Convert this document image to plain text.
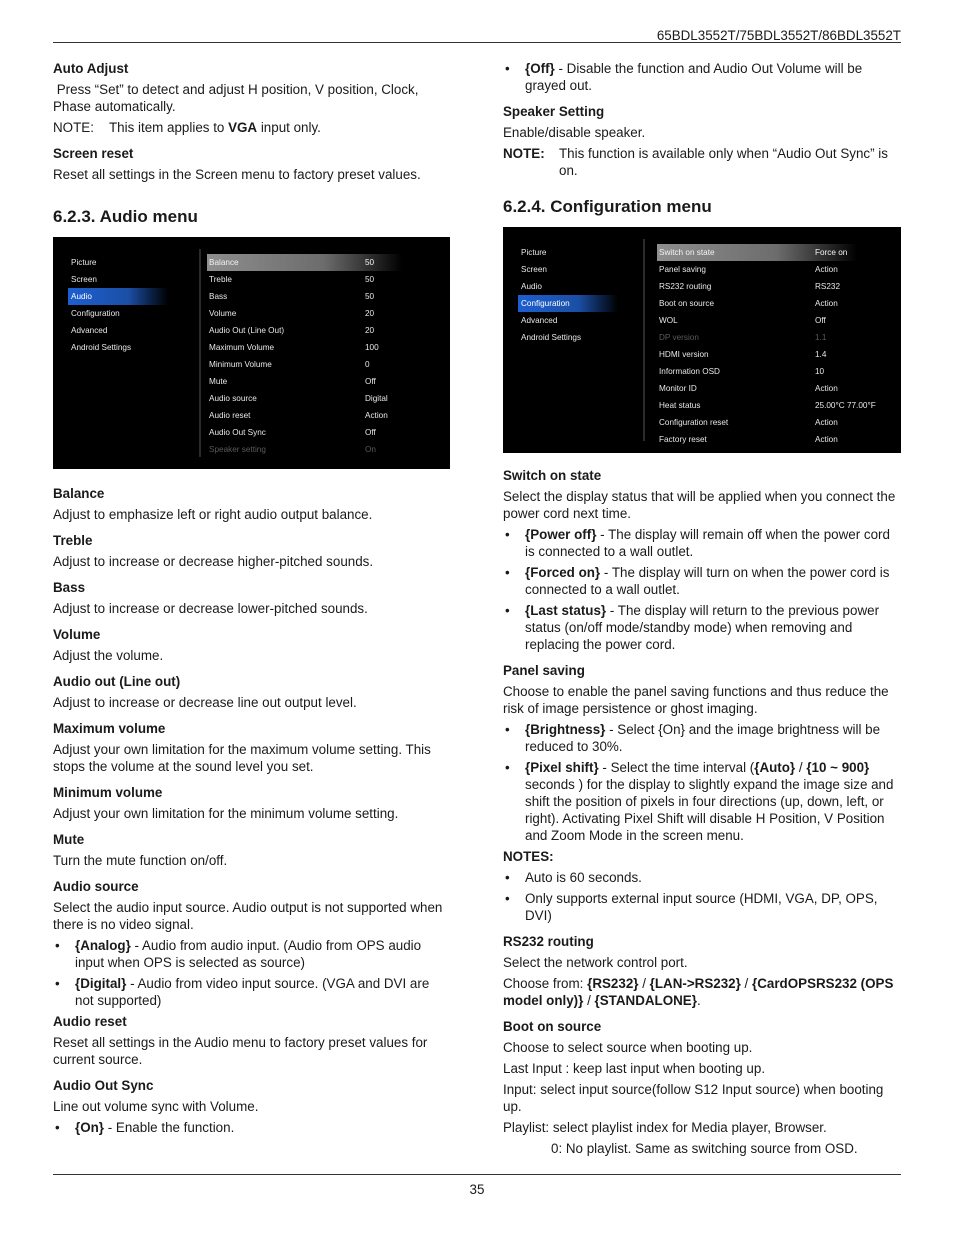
65BDL3552T/75BDL3552T/86BDL3552T
Auto Adjust

Press “Set” to detect and adjust H position, V position, Clock, Phase automatically.

NOTE:	This item applies to VGA input only.
Screen reset

Reset all settings in the Screen menu to factory preset values.

6.2.3. Audio menu
Picture
Screen
Audio
Configuration
Advanced
Android Settings
Balance	50
Treble	50
Bass	50
Volume	20
Audio Out (Line Out)	20
Maximum Volume	100
Minimum Volume	0
Mute	Off
Audio source	Digital
Audio reset	Action
Audio Out Sync	Off
Speaker setting	On
Balance

Adjust to emphasize left or right audio output balance.

Treble

Adjust to increase or decrease higher-pitched sounds.

Bass

Adjust to increase or decrease lower-pitched sounds.

Volume

Adjust the volume.

Audio out (Line out)

Adjust to increase or decrease line out output level.

Maximum volume

Adjust your own limitation for the maximum volume setting. This stops the volume at the sound level you set.

Minimum volume

Adjust your own limitation for the minimum volume setting.

Mute

Turn the mute function on/off.

Audio source

Select the audio input source. Audio output is not supported when there is no video signal.

• {Analog} - Audio from audio input. (Audio from OPS audio input when OPS is selected as source)
• {Digital} - Audio from video input source. (VGA and DVI are not supported)
Audio reset

Reset all settings in the Audio menu to factory preset values for current source.

Audio Out Sync

Line out volume sync with Volume.

• {On} - Enable the function.
• {Off} - Disable the function and Audio Out Volume will be grayed out.
Speaker Setting

Enable/disable speaker.

NOTE:	This function is available only when “Audio Out Sync” is on.
6.2.4. Configuration menu
Picture
Screen
Audio
Configuration
Advanced
Android Settings
Switch on state	Force on
Panel saving	Action
RS232 routing	RS232
Boot on source	Action
WOL	Off
DP version	1.1
HDMI version	1.4
Information OSD	10
Monitor ID	Action
Heat status	25.00°C 77.00°F
Configuration reset	Action
Factory reset	Action
Switch on state

Select the display status that will be applied when you connect the power cord next time.

• {Power off} - The display will remain off when the power cord is connected to a wall outlet.
• {Forced on} - The display will turn on when the power cord is connected to a wall outlet.
• {Last status} - The display will return to the previous power status (on/off mode/standby mode) when removing and replacing the power cord.
Panel saving

Choose to enable the panel saving functions and thus reduce the risk of image persistence or ghost imaging.

• {Brightness} - Select {On} and the image brightness will be reduced to 30%.
• {Pixel shift} - Select the time interval ({Auto} / {10 ~ 900} seconds ) for the display to slightly expand the image size and shift the position of pixels in four directions (up, down, left, or right). Activating Pixel Shift will disable H Position, V Position and Zoom Mode in the screen menu.
NOTES:
• Auto is 60 seconds.
• Only supports external input source (HDMI, VGA, DP, OPS, DVI)
RS232 routing

Select the network control port.

Choose from: {RS232} / {LAN->RS232} / {CardOPSRS232 (OPS model only)} / {STANDALONE}.

Boot on source

Choose to select source when booting up.

Last Input : keep last input when booting up.

Input: select input source(follow S12 Input source) when booting up.

Playlist: select playlist index for Media player, Browser.

0: No playlist. Same as switching source from OSD.

35
